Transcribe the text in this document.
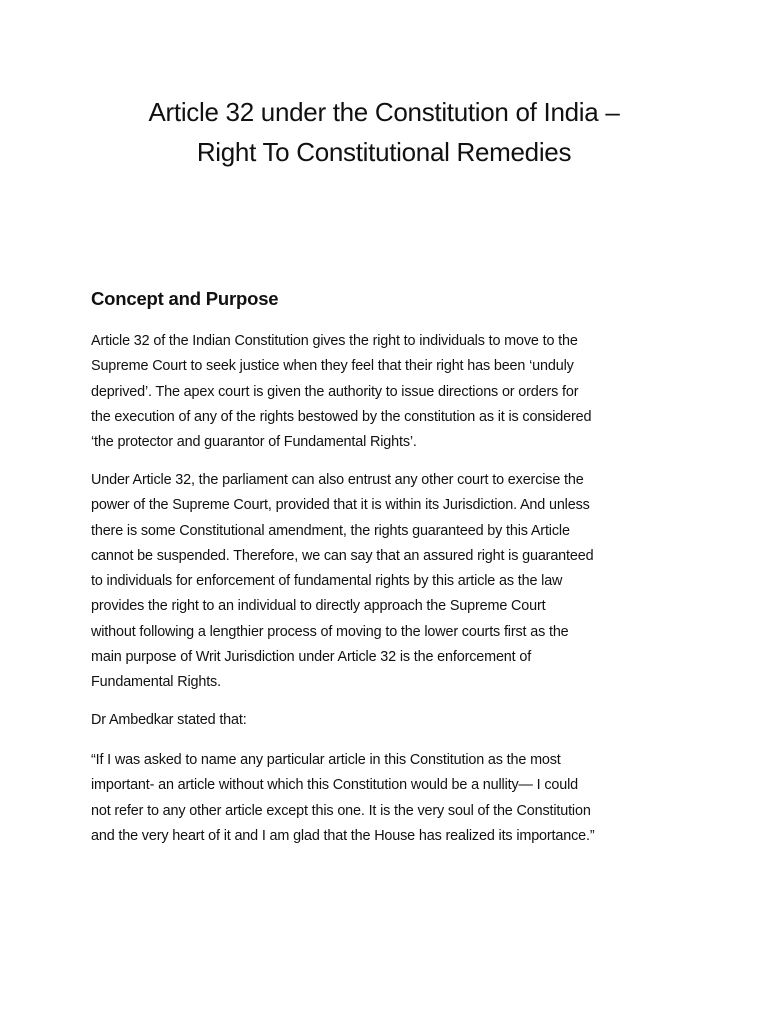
Article 32 under the Constitution of India –
Right To Constitutional Remedies
Concept and Purpose

Article 32 of the Indian Constitution gives the right to individuals to move to the
Supreme Court to seek justice when they feel that their right has been ‘unduly
deprived’. The apex court is given the authority to issue directions or orders for
the execution of any of the rights bestowed by the constitution as it is considered
‘the protector and guarantor of Fundamental Rights’.

Under Article 32, the parliament can also entrust any other court to exercise the
power of the Supreme Court, provided that it is within its Jurisdiction. And unless
there is some Constitutional amendment, the rights guaranteed by this Article
cannot be suspended. Therefore, we can say that an assured right is guaranteed
to individuals for enforcement of fundamental rights by this article as the law
provides the right to an individual to directly approach the Supreme Court
without following a lengthier process of moving to the lower courts first as the
main purpose of Writ Jurisdiction under Article 32 is the enforcement of
Fundamental Rights.

Dr Ambedkar stated that:

“If I was asked to name any particular article in this Constitution as the most
important- an article without which this Constitution would be a nullity— I could
not refer to any other article except this one. It is the very soul of the Constitution
and the very heart of it and I am glad that the House has realized its importance.”
